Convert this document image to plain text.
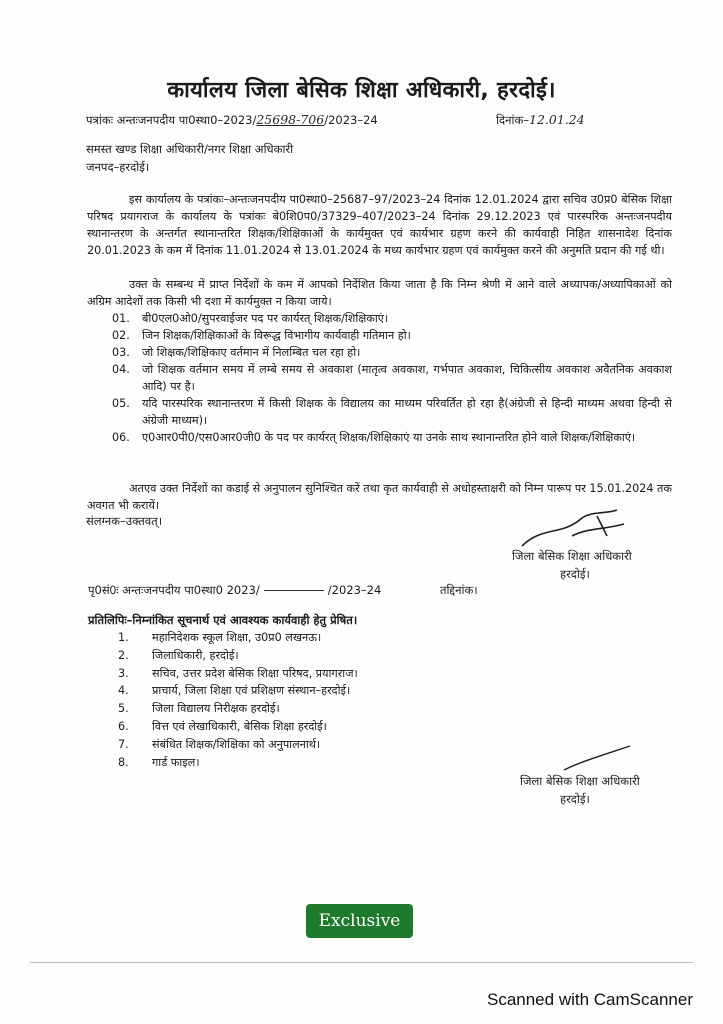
कार्यालय जिला बेसिक शिक्षा अधिकारी, हरदोई।
पत्रांकः अन्तःजनपदीय पा0स्था0–2023/25698-706/2023–24	दिनांक–12.01.24
समस्त खण्ड शिक्षा अधिकारी/नगर शिक्षा अधिकारी
जनपद–हरदोई।
इस कार्यालय के पत्रांकः–अन्तःजनपदीय पा0स्था0–25687–97/2023–24 दिनांक 12.01.2024 द्वारा सचिव उ0प्र0 बेसिक शिक्षा परिषद प्रयागराज के कार्यालय के पत्रांकः बे0शि0प0/37329–407/2023–24 दिनांक 29.12.2023 एवं पारस्परिक अन्तःजनपदीय स्थानान्तरण के अन्तर्गत स्थानान्तरित शिक्षक/शिक्षिकाओं के कार्यमुक्त एवं कार्यभार ग्रहण करने की कार्यवाही निहित शासनादेश दिनांक 20.01.2023 के कम में दिनांक 11.01.2024 से 13.01.2024 के मध्य कार्यभार ग्रहण एवं कार्यमुक्त करने की अनुमति प्रदान की गई थी।
उक्त के सम्बन्ध में प्राप्त निर्देशों के कम में आपको निर्देशित किया जाता है कि निम्न श्रेणी में आने वाले अध्यापक/अध्यापिकाओं को अग्रिम आदेशों तक किसी भी दशा में कार्यमुक्त न किया जाये।
01.	बी0एल0ओ0/सुपरवाईजर पद पर कार्यरत् शिक्षक/शिक्षिकाएं।
02.	जिन शिक्षक/शिक्षिकाओं के विरूद्ध विभागीय कार्यवाही गतिमान हो।
03.	जो शिक्षक/शिक्षिकाए वर्तमान में निलम्बित चल रहा हो।
04.	जो शिक्षक वर्तमान समय में लम्बे समय से अवकाश (मातृत्व अवकाश, गर्भपात अवकाश, चिकित्सीय अवकाश अवैतनिक अवकाश आदि) पर है।
05.	यदि पारस्परिक स्थानान्तरण में किसी शिक्षक के विद्यालय का माध्यम परिवर्तित हो रहा है(अंग्रेजी से हिन्दी माध्यम अथवा हिन्दी से अंग्रेजी माध्यम)।
06.	ए0आर0पी0/एस0आर0जी0 के पद पर कार्यरत् शिक्षक/शिक्षिकाएं या उनके साथ स्थानान्तरित होने वाले शिक्षक/शिक्षिकाएं।
अतएव उक्त निर्देशों का कडाई से अनुपालन सुनिश्चित करें तथा कृत कार्यवाही से अधोहस्ताक्षरी को निम्न पारूप पर 15.01.2024 तक अवगत भी करायें।
संलग्नक–उक्तवत्।
जिला बेसिक शिक्षा अधिकारी
हरदोई।
पृ0सं0ः अन्तःजनपदीय पा0स्था0 2023/	/2023–24	तद्दिनांक।
प्रतिलिपिः–निम्नांकित सूचनार्थ एवं आवश्यक कार्यवाही हेतु प्रेषित।
1.	महानिदेशक स्कूल शिक्षा, उ0प्र0 लखनऊ।
2.	जिलाधिकारी, हरदोई।
3.	सचिव, उत्तर प्रदेश बेसिक शिक्षा परिषद, प्रयागराज।
4.	प्राचार्य, जिला शिक्षा एवं प्रशिक्षण संस्थान–हरदोई।
5.	जिला विद्यालय निरीक्षक हरदोई।
6.	वित्त एवं लेखाधिकारी, बेसिक शिक्षा हरदोई।
7.	संबंधित शिक्षक/शिक्षिका को अनुपालनार्थ।
8.	गार्ड फाइल।
जिला बेसिक शिक्षा अधिकारी
हरदोई।
Exclusive
Scanned with CamScanner
